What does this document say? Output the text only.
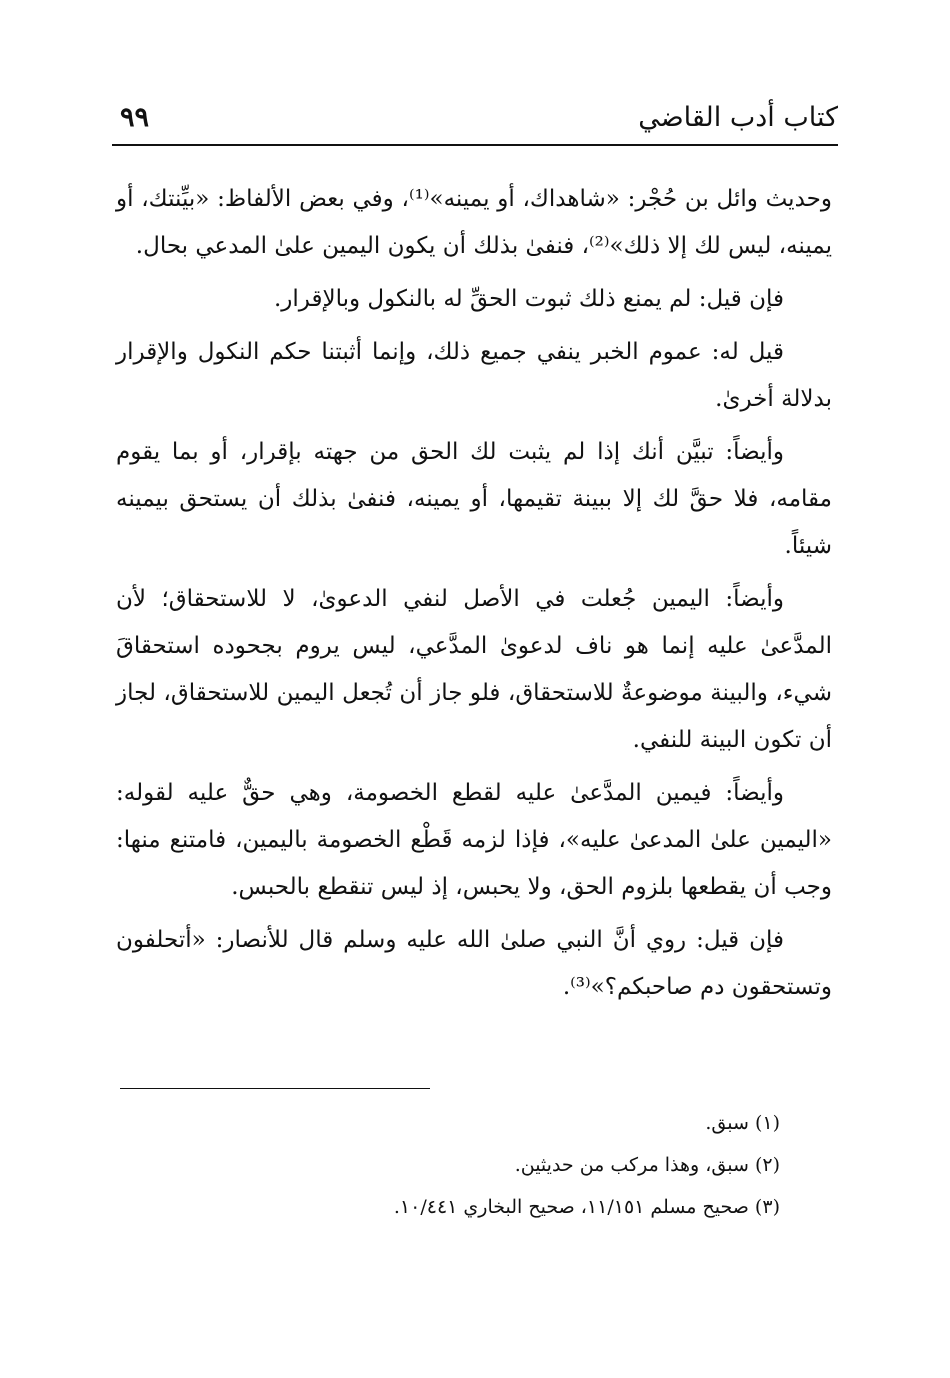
كتاب أدب القاضي
٩٩

وحديث وائل بن حُجْر: «شاهداك، أو يمينه»⁽¹⁾، وفي بعض الألفاظ: «بيِّنتك، أو يمينه، ليس لك إلا ذلك»⁽²⁾، فنفىٰ بذلك أن يكون اليمين علىٰ المدعي بحال.

فإن قيل: لم يمنع ذلك ثبوت الحقِّ له بالنكول وبالإقرار.

قيل له: عموم الخبر ينفي جميع ذلك، وإنما أثبتنا حكم النكول والإقرار بدلالة أخرىٰ.

وأيضاً: تبيَّن أنك إذا لم يثبت لك الحق من جهته بإقرار، أو بما يقوم مقامه، فلا حقَّ لك إلا ببينة تقيمها، أو يمينه، فنفىٰ بذلك أن يستحق بيمينه شيئاً.

وأيضاً: اليمين جُعلت في الأصل لنفي الدعوىٰ، لا للاستحقاق؛ لأن المدَّعىٰ عليه إنما هو ناف لدعوىٰ المدَّعي، ليس يروم بجحوده استحقاقَ شيء، والبينة موضوعةٌ للاستحقاق، فلو جاز أن تُجعل اليمين للاستحقاق، لجاز أن تكون البينة للنفي.

وأيضاً: فيمين المدَّعىٰ عليه لقطع الخصومة، وهي حقٌّ عليه لقوله: «اليمين علىٰ المدعىٰ عليه»، فإذا لزمه قَطْع الخصومة باليمين، فامتنع منها: وجب أن يقطعها بلزوم الحق، ولا يحبس، إذ ليس تنقطع بالحبس.

فإن قيل: روي أنَّ النبي صلىٰ الله عليه وسلم قال للأنصار: «أتحلفون وتستحقون دم صاحبكم؟»⁽³⁾.

(١) سبق.
(٢) سبق، وهذا مركب من حديثين.
(٣) صحيح مسلم ١١/١٥١، صحيح البخاري ١٠/٤٤١.
